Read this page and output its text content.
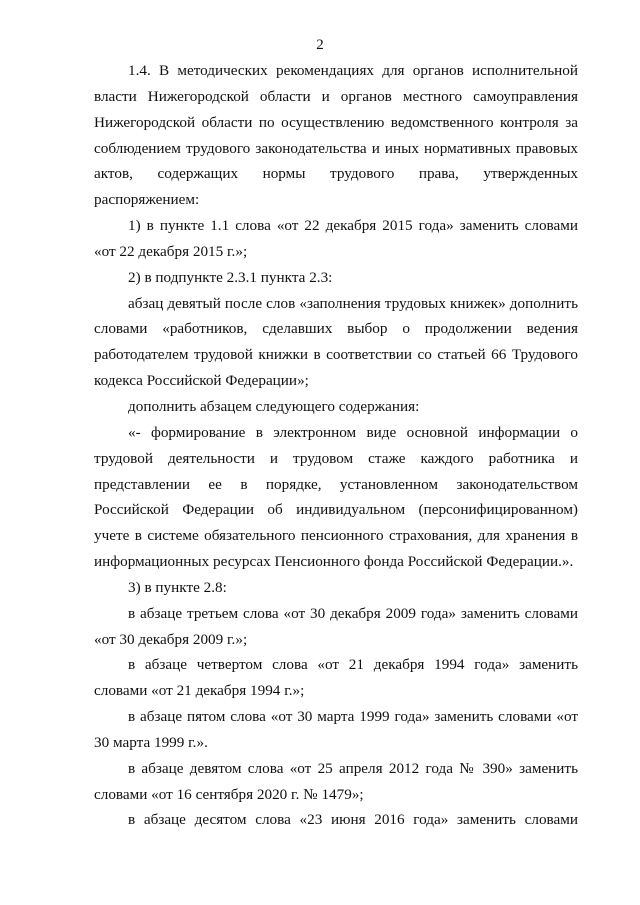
2

1.4. В методических рекомендациях для органов исполнительной власти Нижегородской области и органов местного самоуправления Нижегородской области по осуществлению ведомственного контроля за соблюдением трудового законодательства и иных нормативных правовых актов, содержащих нормы трудового права, утвержденных распоряжением:

1) в пункте 1.1 слова «от 22 декабря 2015 года» заменить словами «от 22 декабря 2015 г.»;

2) в подпункте 2.3.1 пункта 2.3:

абзац девятый после слов «заполнения трудовых книжек» дополнить словами «работников, сделавших выбор о продолжении ведения работодателем трудовой книжки в соответствии со статьей 66 Трудового кодекса Российской Федерации»;

дополнить абзацем следующего содержания:

«- формирование в электронном виде основной информации о трудовой деятельности и трудовом стаже каждого работника и представлении ее в порядке, установленном законодательством Российской Федерации об индивидуальном (персонифицированном) учете в системе обязательного пенсионного страхования, для хранения в информационных ресурсах Пенсионного фонда Российской Федерации.».

3) в пункте 2.8:

в абзаце третьем слова «от 30 декабря 2009 года» заменить словами «от 30 декабря 2009 г.»;

в абзаце четвертом слова «от 21 декабря 1994 года» заменить словами «от 21 декабря 1994 г.»;

в абзаце пятом слова «от 30 марта 1999 года» заменить словами «от 30 марта 1999 г.».

в абзаце девятом слова «от 25 апреля 2012 года № 390» заменить словами «от 16 сентября 2020 г. № 1479»;

в абзаце десятом слова «23 июня 2016 года» заменить словами
